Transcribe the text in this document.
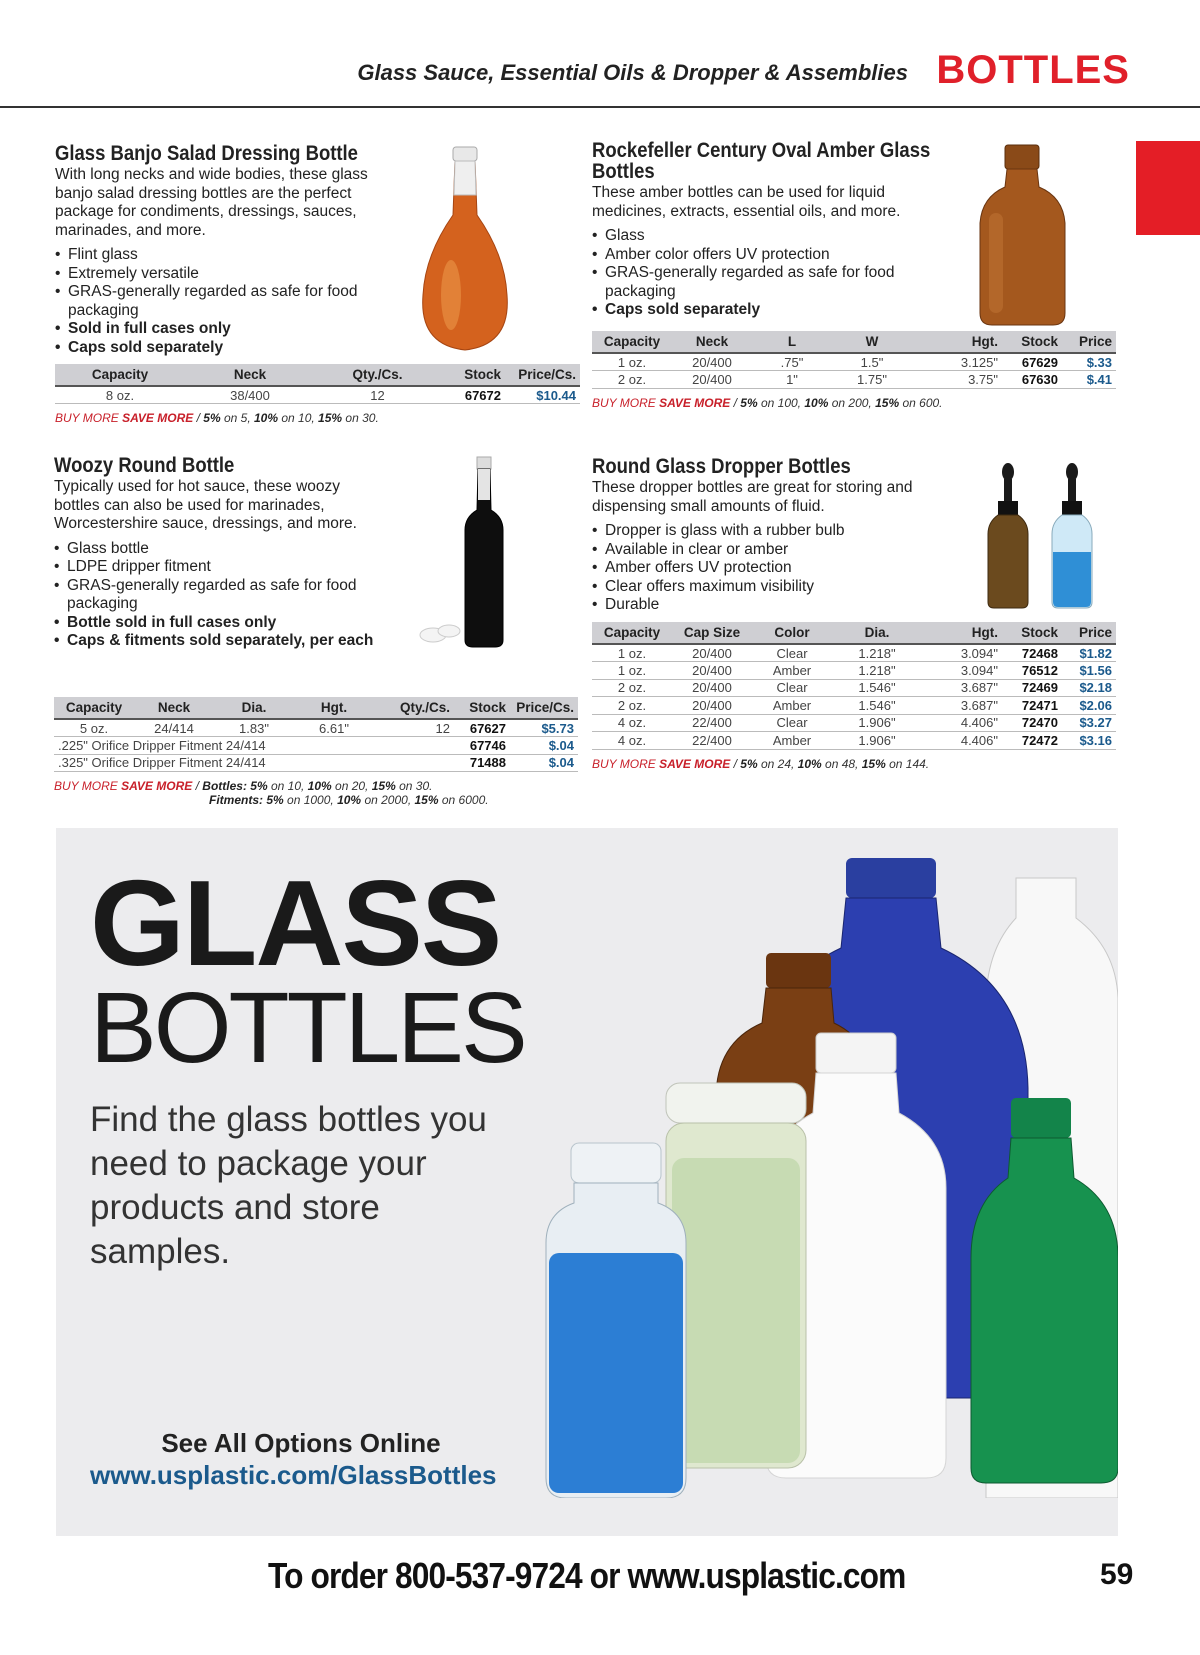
Glass Sauce, Essential Oils & Dropper & Assemblies BOTTLES
Glass Banjo Salad Dressing Bottle
With long necks and wide bodies, these glass banjo salad dressing bottles are the perfect package for condiments, dressings, sauces, marinades, and more.
• Flint glass
• Extremely versatile
• GRAS-generally regarded as safe for food packaging
• Sold in full cases only
• Caps sold separately
Capacity	Neck	Qty./Cs.	Stock	Price/Cs.
8 oz.	38/400	12	67672	$10.44
BUY MORE SAVE MORE / 5% on 5, 10% on 10, 15% on 30.
Rockefeller Century Oval Amber Glass
Bottles
These amber bottles can be used for liquid medicines, extracts, essential oils, and more.
• Glass
• Amber color offers UV protection
• GRAS-generally regarded as safe for food packaging
• Caps sold separately
Capacity	Neck	L	W	Hgt.	Stock	Price
1 oz.	20/400	.75"	1.5"	3.125"	67629	$.33
2 oz.	20/400	1"	1.75"	3.75"	67630	$.41
BUY MORE SAVE MORE / 5% on 100, 10% on 200, 15% on 600.
Woozy Round Bottle
Typically used for hot sauce, these woozy bottles can also be used for marinades, Worcestershire sauce, dressings, and more.
• Glass bottle
• LDPE dripper fitment
• GRAS-generally regarded as safe for food packaging
• Bottle sold in full cases only
• Caps & fitments sold separately, per each
Capacity	Neck	Dia.	Hgt.	Qty./Cs.	Stock	Price/Cs.
5 oz.	24/414	1.83"	6.61"	12	67627	$5.73
.225" Orifice Dripper Fitment 24/414					67746	$.04
.325" Orifice Dripper Fitment 24/414					71488	$.04
BUY MORE SAVE MORE / Bottles: 5% on 10, 10% on 20, 15% on 30.
Fitments: 5% on 1000, 10% on 2000, 15% on 6000.
Round Glass Dropper Bottles
These dropper bottles are great for storing and dispensing small amounts of fluid.
• Dropper is glass with a rubber bulb
• Available in clear or amber
• Amber offers UV protection
• Clear offers maximum visibility
• Durable
Capacity	Cap Size	Color	Dia.	Hgt.	Stock	Price
1 oz.	20/400	Clear	1.218"	3.094"	72468	$1.82
1 oz.	20/400	Amber	1.218"	3.094"	76512	$1.56
2 oz.	20/400	Clear	1.546"	3.687"	72469	$2.18
2 oz.	20/400	Amber	1.546"	3.687"	72471	$2.06
4 oz.	22/400	Clear	1.906"	4.406"	72470	$3.27
4 oz.	22/400	Amber	1.906"	4.406"	72472	$3.16
BUY MORE SAVE MORE / 5% on 24, 10% on 48, 15% on 144.
GLASS
BOTTLES
Find the glass bottles you need to package your products and store samples.
See All Options Online
www.usplastic.com/GlassBottles
To order 800-537-9724 or www.usplastic.com	59
